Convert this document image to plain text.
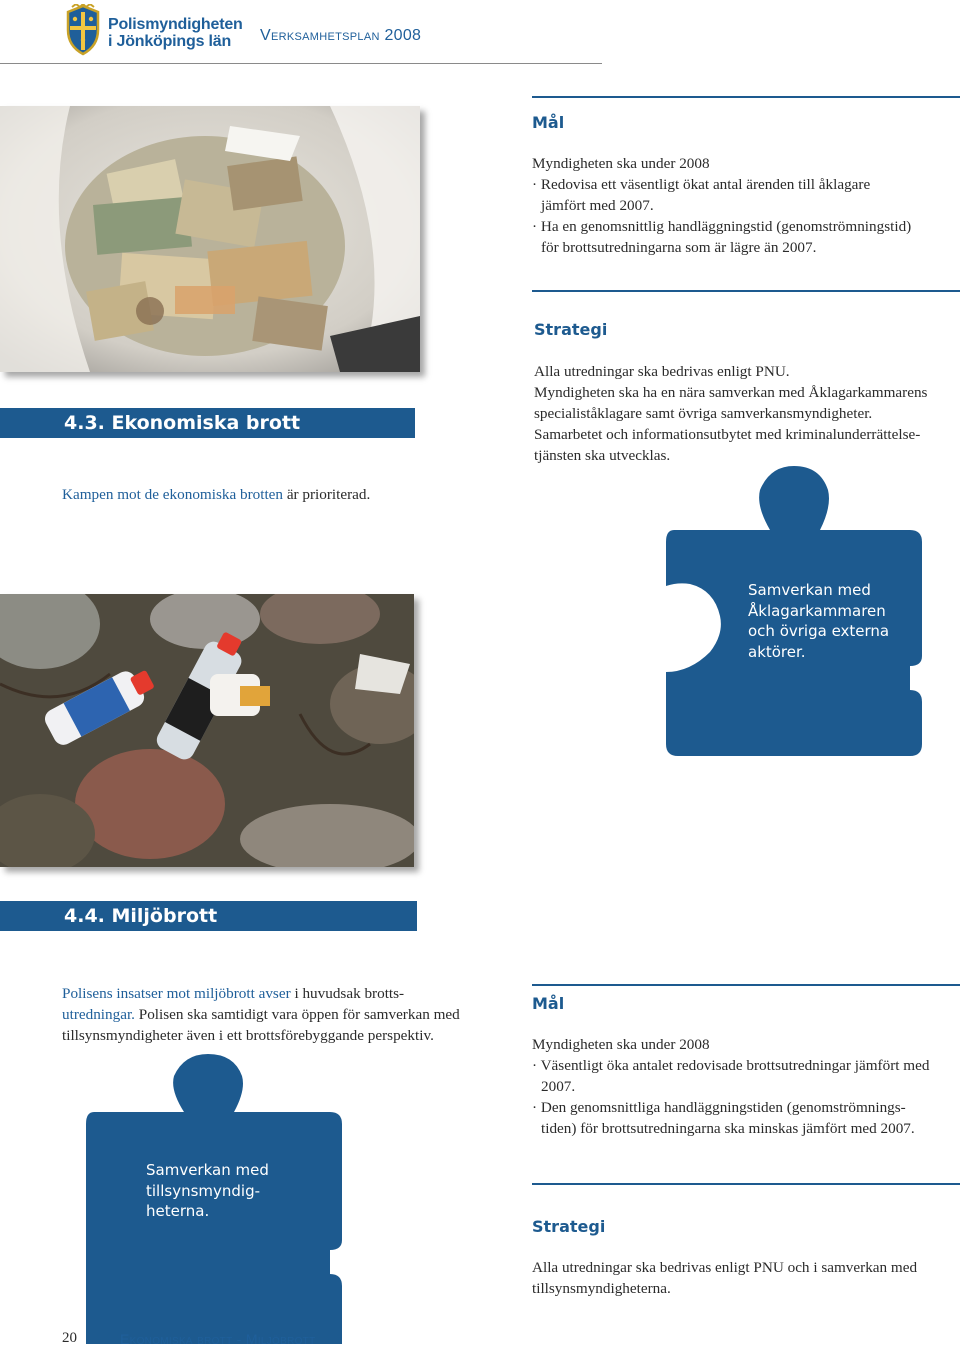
Polismyndigheten
i Jönköpings län	Verksamhetsplan 2008
4.3. Ekonomiska brott
Kampen mot de ekonomiska brotten är prioriterad.
Mål
Myndigheten ska under 2008
· Redovisa ett väsentligt ökat antal ärenden till åklagare
jämfört med 2007.
· Ha en genomsnittlig handläggningstid (genomströmningstid)
för brottsutredningarna som är lägre än 2007.
Strategi
Alla utredningar ska bedrivas enligt PNU.
Myndigheten ska ha en nära samverkan med Åklagarkammarens
specialiståklagare samt övriga samverkansmyndigheter.
Samarbetet och informationsutbytet med kriminalunderrättelse-
tjänsten ska utvecklas.
Samverkan med
Åklagarkammaren
och övriga externa
aktörer.
4.4. Miljöbrott
Polisens insatser mot miljöbrott avser i huvudsak brotts-
utredningar. Polisen ska samtidigt vara öppen för samverkan med
tillsynsmyndigheter även i ett brottsförebyggande perspektiv.
Samverkan med
tillsynsmyndig-
heterna.
Mål
Myndigheten ska under 2008
· Väsentligt öka antalet redovisade brottsutredningar jämfört med
2007.
· Den genomsnittliga handläggningstiden (genomströmnings-
tiden) för brottsutredningarna ska minskas jämfört med 2007.
Strategi
Alla utredningar ska bedrivas enligt PNU och i samverkan med
tillsynsmyndigheterna.
20	Ekonomiska brott - Miljöbrott
